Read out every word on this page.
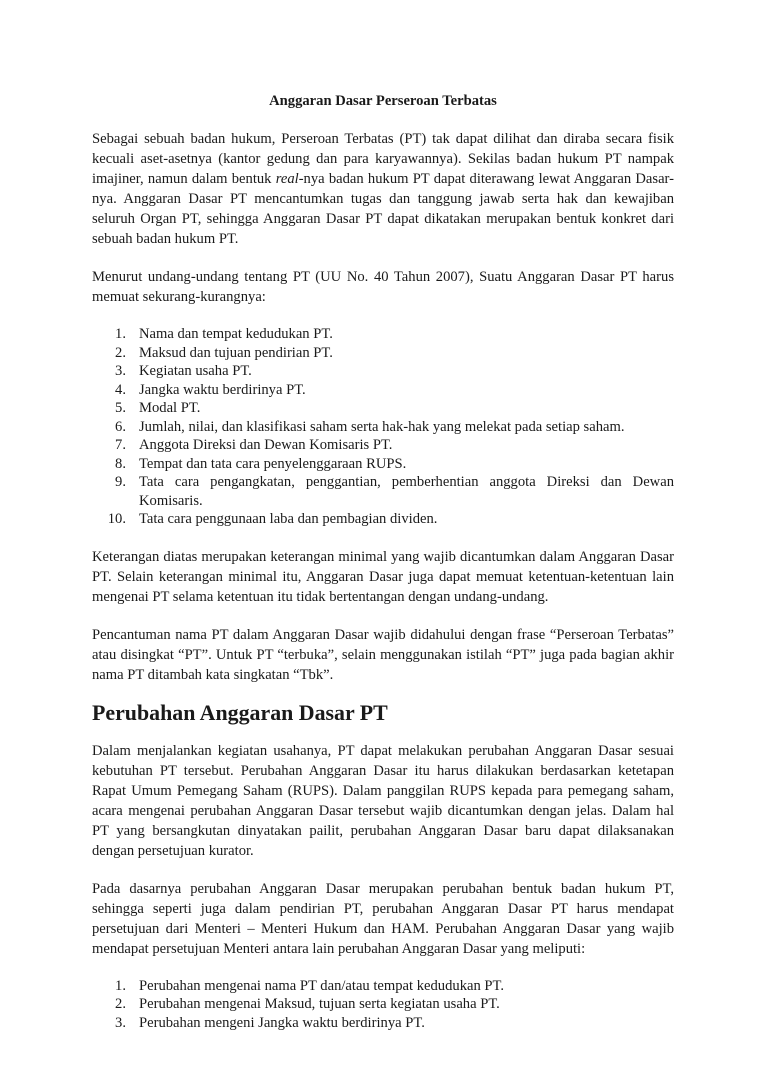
Anggaran Dasar Perseroan Terbatas

Sebagai sebuah badan hukum, Perseroan Terbatas (PT) tak dapat dilihat dan diraba secara fisik kecuali aset-asetnya (kantor gedung dan para karyawannya). Sekilas badan hukum PT nampak imajiner, namun dalam bentuk real-nya badan hukum PT dapat diterawang lewat Anggaran Dasar-nya. Anggaran Dasar PT mencantumkan tugas dan tanggung jawab serta hak dan kewajiban seluruh Organ PT, sehingga Anggaran Dasar PT dapat dikatakan merupakan bentuk konkret dari sebuah badan hukum PT.

Menurut undang-undang tentang PT (UU No. 40 Tahun 2007), Suatu Anggaran Dasar PT harus memuat sekurang-kurangnya:

1. Nama dan tempat kedudukan PT.
2. Maksud dan tujuan pendirian PT.
3. Kegiatan usaha PT.
4. Jangka waktu berdirinya PT.
5. Modal PT.
6. Jumlah, nilai, dan klasifikasi saham serta hak-hak yang melekat pada setiap saham.
7. Anggota Direksi dan Dewan Komisaris PT.
8. Tempat dan tata cara penyelenggaraan RUPS.
9. Tata cara pengangkatan, penggantian, pemberhentian anggota Direksi dan Dewan Komisaris.
10. Tata cara penggunaan laba dan pembagian dividen.

Keterangan diatas merupakan keterangan minimal yang wajib dicantumkan dalam Anggaran Dasar PT. Selain keterangan minimal itu, Anggaran Dasar juga dapat memuat ketentuan-ketentuan lain mengenai PT selama ketentuan itu tidak bertentangan dengan undang-undang.

Pencantuman nama PT dalam Anggaran Dasar wajib didahului dengan frase “Perseroan Terbatas” atau disingkat “PT”. Untuk PT “terbuka”, selain menggunakan istilah “PT” juga pada bagian akhir nama PT ditambah kata singkatan “Tbk”.

Perubahan Anggaran Dasar PT

Dalam menjalankan kegiatan usahanya, PT dapat melakukan perubahan Anggaran Dasar sesuai kebutuhan PT tersebut. Perubahan Anggaran Dasar itu harus dilakukan berdasarkan ketetapan Rapat Umum Pemegang Saham (RUPS). Dalam panggilan RUPS kepada para pemegang saham, acara mengenai perubahan Anggaran Dasar tersebut wajib dicantumkan dengan jelas. Dalam hal PT yang bersangkutan dinyatakan pailit, perubahan Anggaran Dasar baru dapat dilaksanakan dengan persetujuan kurator.

Pada dasarnya perubahan Anggaran Dasar merupakan perubahan bentuk badan hukum PT, sehingga seperti juga dalam pendirian PT, perubahan Anggaran Dasar PT harus mendapat persetujuan dari Menteri – Menteri Hukum dan HAM. Perubahan Anggaran Dasar yang wajib mendapat persetujuan Menteri antara lain perubahan Anggaran Dasar yang meliputi:

1. Perubahan mengenai nama PT dan/atau tempat kedudukan PT.
2. Perubahan mengenai Maksud, tujuan serta kegiatan usaha PT.
3. Perubahan mengeni Jangka waktu berdirinya PT.
